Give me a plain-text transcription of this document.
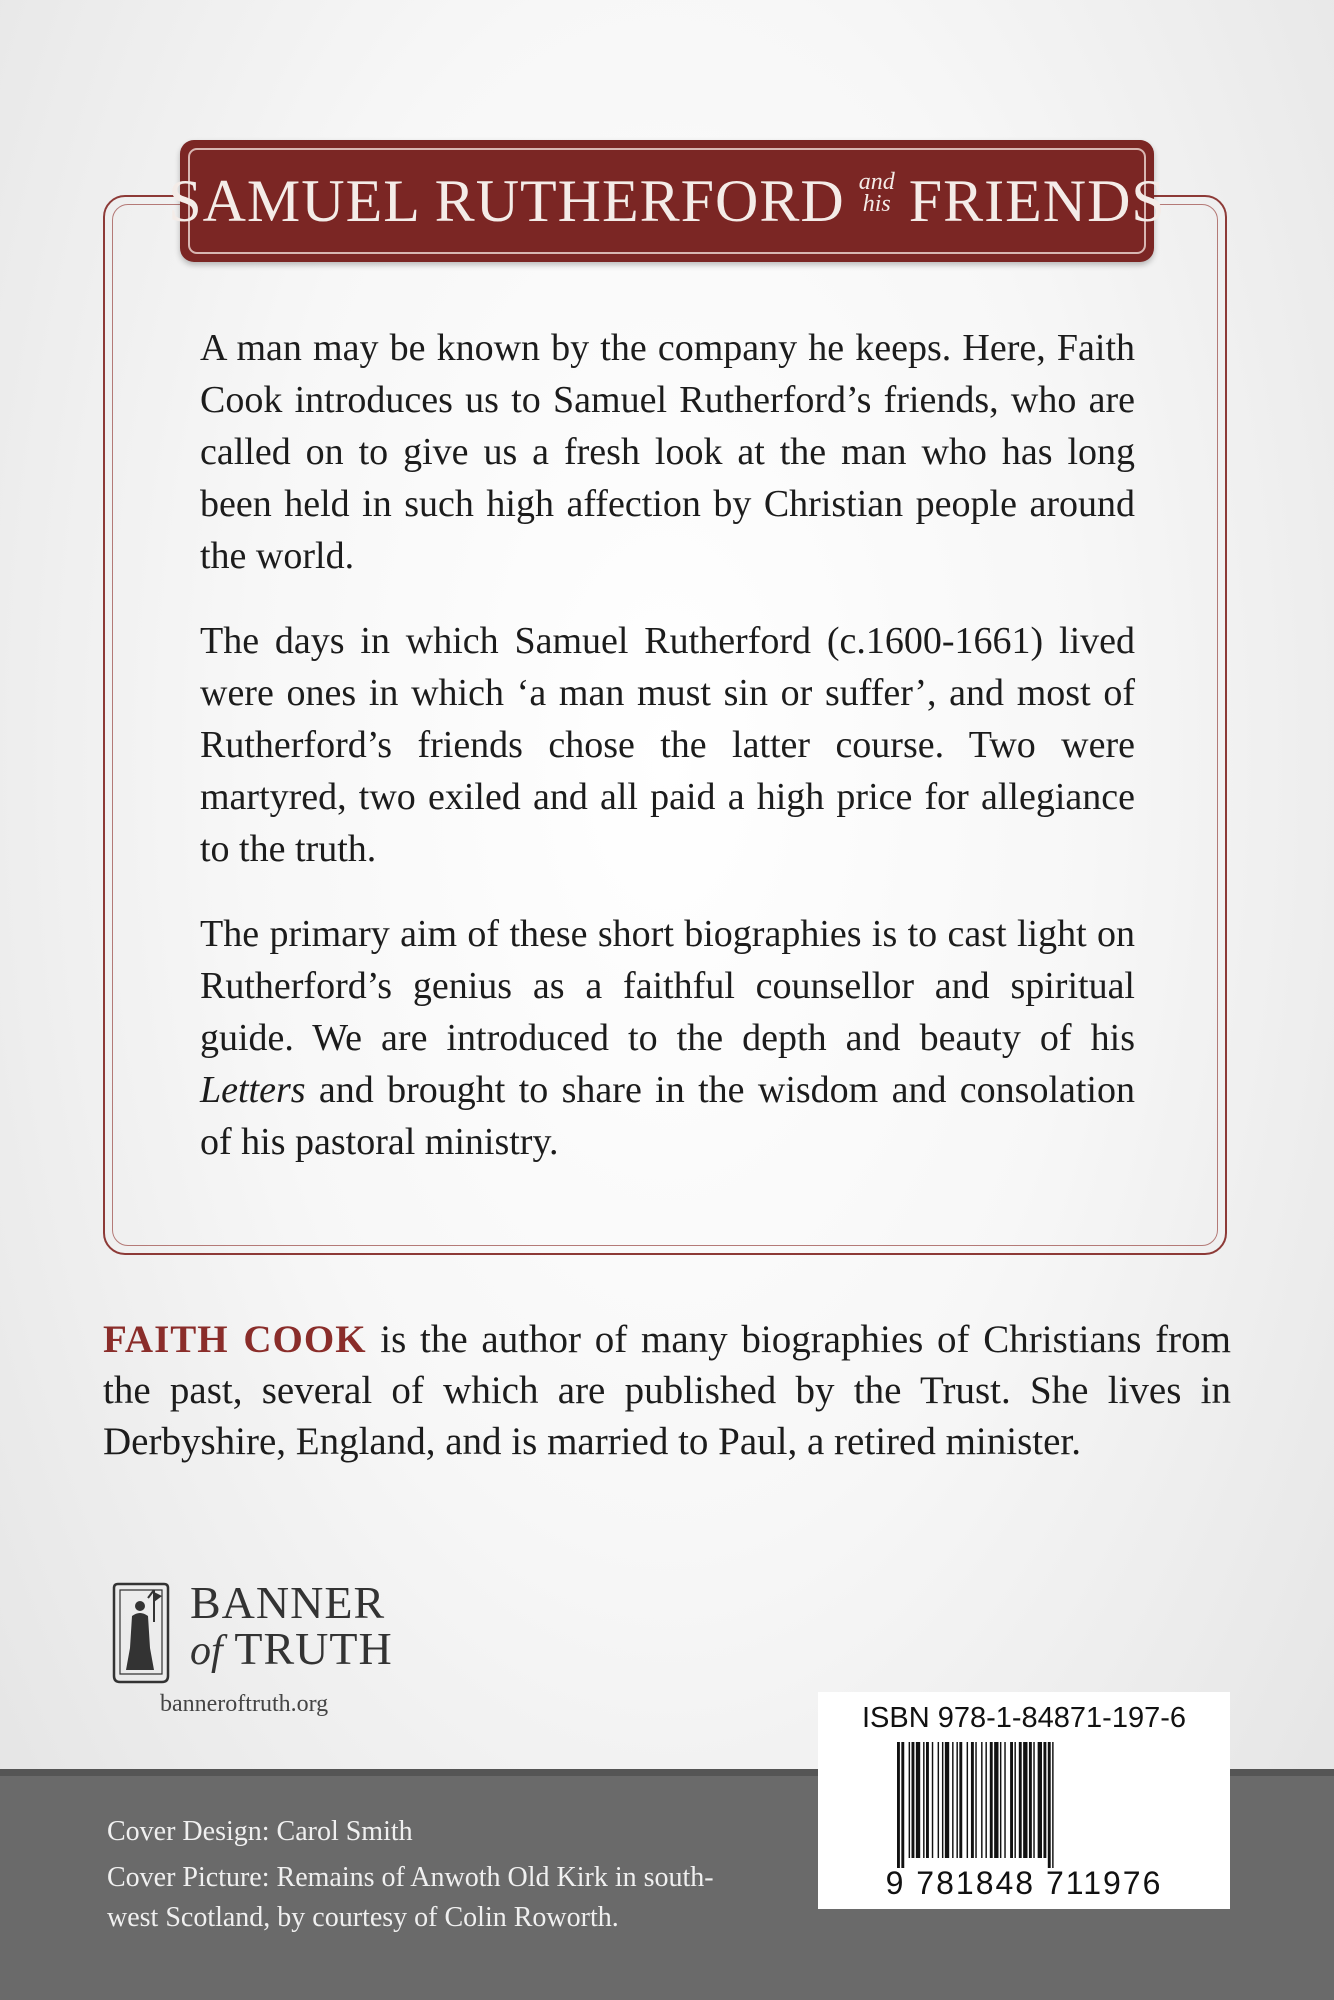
SAMUEL RUTHERFORD and
his FRIENDS

A man may be known by the company he keeps. Here, Faith Cook introduces us to Samuel Rutherford’s friends, who are called on to give us a fresh look at the man who has long been held in such high affection by Christian people around the world.

The days in which Samuel Rutherford (c.1600-1661) lived were ones in which ‘a man must sin or suffer’, and most of Rutherford’s friends chose the latter course. Two were martyred, two exiled and all paid a high price for allegiance to the truth.

The primary aim of these short biographies is to cast light on Rutherford’s genius as a faithful counsellor and spiritual guide. We are introduced to the depth and beauty of his Letters and brought to share in the wisdom and consolation of his pastoral ministry.

FAITH COOK is the author of many biographies of Christians from the past, several of which are published by the Trust. She lives in Derbyshire, England, and is married to Paul, a retired minister.
BANNER
of TRUTH
banneroftruth.org

Cover Design: Carol Smith

Cover Picture: Remains of Anwoth Old Kirk in south-west Scotland, by courtesy of Colin Roworth.

ISBN 978-1-84871-197-6
9 781848 711976
